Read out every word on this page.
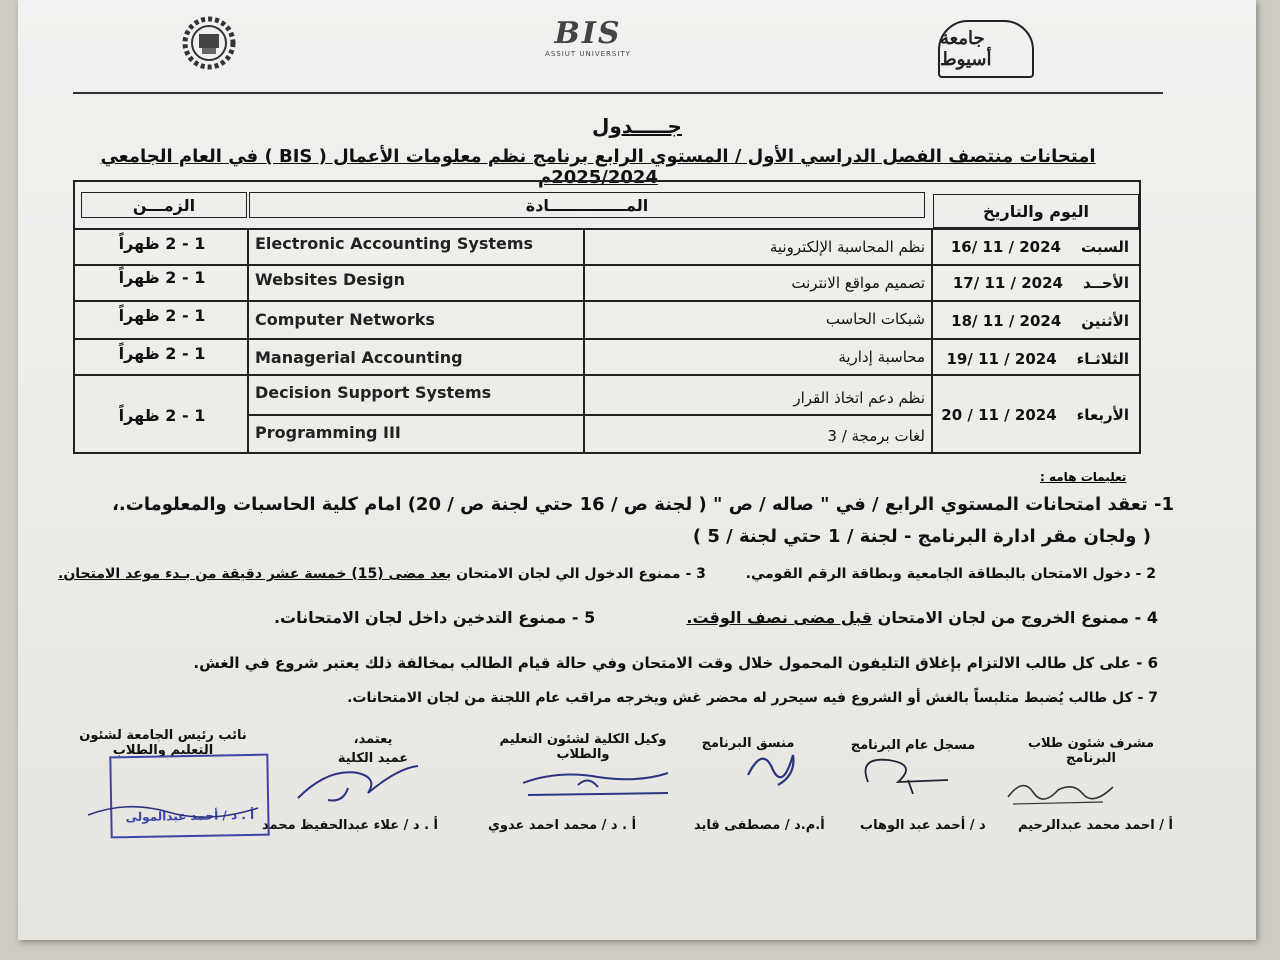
جامعة أسيوط
BIS
ASSIUT UNIVERSITY
جـــــدول
امتحانات منتصف الفصل الدراسي الأول / المستوي الرابع برنامج نظم معلومات الأعمال ( BIS ) في العام الجامعي 2025/2024م
اليوم والتاريخ
المــــــــــــــادة
الزمـــن
السبت
2024 / 11 /16
نظم المحاسبة الإلكترونية
Electronic Accounting Systems
1 - 2 ظهراً
الأحــد
2024 / 11 /17
تصميم مواقع الانترنت
Websites Design
1 - 2 ظهراً
الأثنين
2024 / 11 /18
شبكات الحاسب
Computer Networks
1 - 2 ظهراً
الثلاثـاء
2024 / 11 /19
محاسبة إدارية
Managerial Accounting
1 - 2 ظهراً
الأربعاء
2024 / 11 / 20
نظم دعم اتخاذ القرار
Decision Support Systems
لغات برمجة / 3
Programming III
1 - 2 ظهراً
تعليمات هامه :
1- تعقد امتحانات المستوي الرابع / في " صاله / ص " ( لجنة ص / 16 حتي لجنة ص / 20) امام كلية الحاسبات والمعلومات.،
( ولجان مقر ادارة البرنامج - لجنة / 1 حتي لجنة / 5 )
2 - دخول الامتحان بالبطاقة الجامعية وبطاقة الرقم القومي.  3 - ممنوع الدخول الي لجان الامتحان بعد مضى (15) خمسة عشر دقيقة من بـدء موعد الامتحان.
4 - ممنوع الخروج من لجان الامتحان قبل مضى نصف الوقت.  5 - ممنوع التدخين داخل لجان الامتحانات.
6 - على كل طالب الالتزام بإغلاق التليفون المحمول خلال وقت الامتحان وفي حالة قيام الطالب بمخالفة ذلك يعتبر شروع في الغش.
7 - كل طالب يُضبط متلبساً بالغش أو الشروع فيه سيحرر له محضر غش ويخرجه مراقب عام اللجنة من لجان الامتحانات.
مشرف شئون طلاب البرنامج
أ / احمد محمد عبدالرحيم
مسجل عام البرنامج
د / أحمد عبد الوهاب
منسق البرنامج
أ.م.د / مصطفى قايد
وكيل الكلية لشئون التعليم والطلاب
أ . د / محمد احمد عدوي
يعتمد،
عميد الكلية
أ . د / علاء عبدالحفيظ محمد
نائب رئيس الجامعة لشئون التعليم والطلاب
أ . د / أحمد عبدالمولى
